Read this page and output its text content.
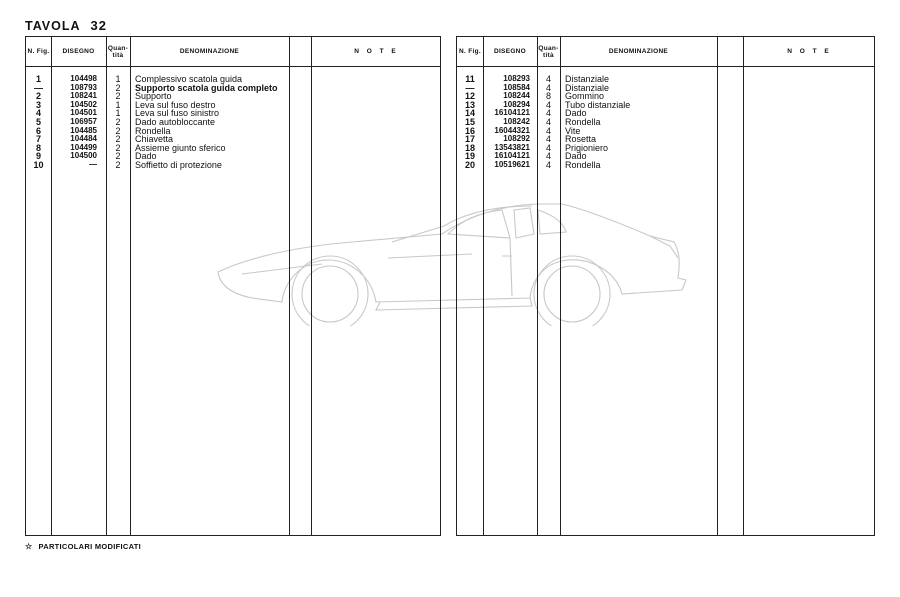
TAVOLA 32
N. Fig.	DISEGNO	Quan- tità	DENOMINAZIONE	N O T E
1	104498	1	Complessivo scatola guida
—	108793	2	Supporto scatola guida completo
2	108241	2	Supporto
3	104502	1	Leva sul fuso destro
4	104501	1	Leva sul fuso sinistro
5	106957	2	Dado autobloccante
6	104485	2	Rondella
7	104484	2	Chiavetta
8	104499	2	Assieme giunto sferico
9	104500	2	Dado
10	—	2	Soffietto di protezione
N. Fig.	DISEGNO	Quan- tità	DENOMINAZIONE	N O T E
11	108293	4	Distanziale
—	108584	4	Distanziale
12	108244	8	Gommino
13	108294	4	Tubo distanziale
14	16104121	4	Dado
15	108242	4	Rondella
16	16044321	4	Vite
17	108292	4	Rosetta
18	13543821	4	Prigioniero
19	16104121	4	Dado
20	10519621	4	Rondella
☆ PARTICOLARI MODIFICATI
